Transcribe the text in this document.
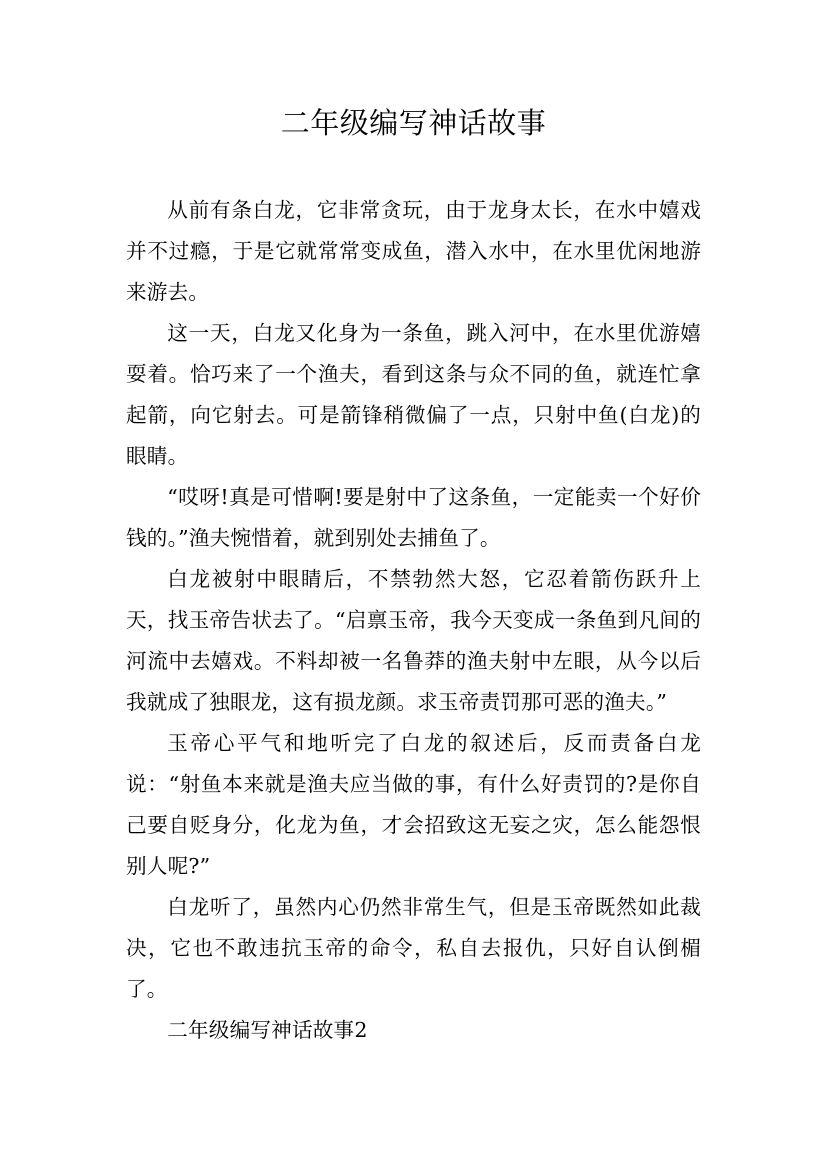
二年级编写神话故事

从前有条白龙，它非常贪玩，由于龙身太长，在水中嬉戏并不过瘾，于是它就常常变成鱼，潜入水中，在水里优闲地游来游去。

这一天，白龙又化身为一条鱼，跳入河中，在水里优游嬉耍着。恰巧来了一个渔夫，看到这条与众不同的鱼，就连忙拿起箭，向它射去。可是箭锋稍微偏了一点，只射中鱼(白龙)的眼睛。

“哎呀!真是可惜啊!要是射中了这条鱼，一定能卖一个好价钱的。”渔夫惋惜着，就到别处去捕鱼了。

白龙被射中眼睛后，不禁勃然大怒，它忍着箭伤跃升上天，找玉帝告状去了。“启禀玉帝，我今天变成一条鱼到凡间的河流中去嬉戏。不料却被一名鲁莽的渔夫射中左眼，从今以后我就成了独眼龙，这有损龙颜。求玉帝责罚那可恶的渔夫。”

玉帝心平气和地听完了白龙的叙述后，反而责备白龙说：“射鱼本来就是渔夫应当做的事，有什么好责罚的?是你自己要自贬身分，化龙为鱼，才会招致这无妄之灾，怎么能怨恨别人呢?”

白龙听了，虽然内心仍然非常生气，但是玉帝既然如此裁决，它也不敢违抗玉帝的命令，私自去报仇，只好自认倒楣了。

二年级编写神话故事2
